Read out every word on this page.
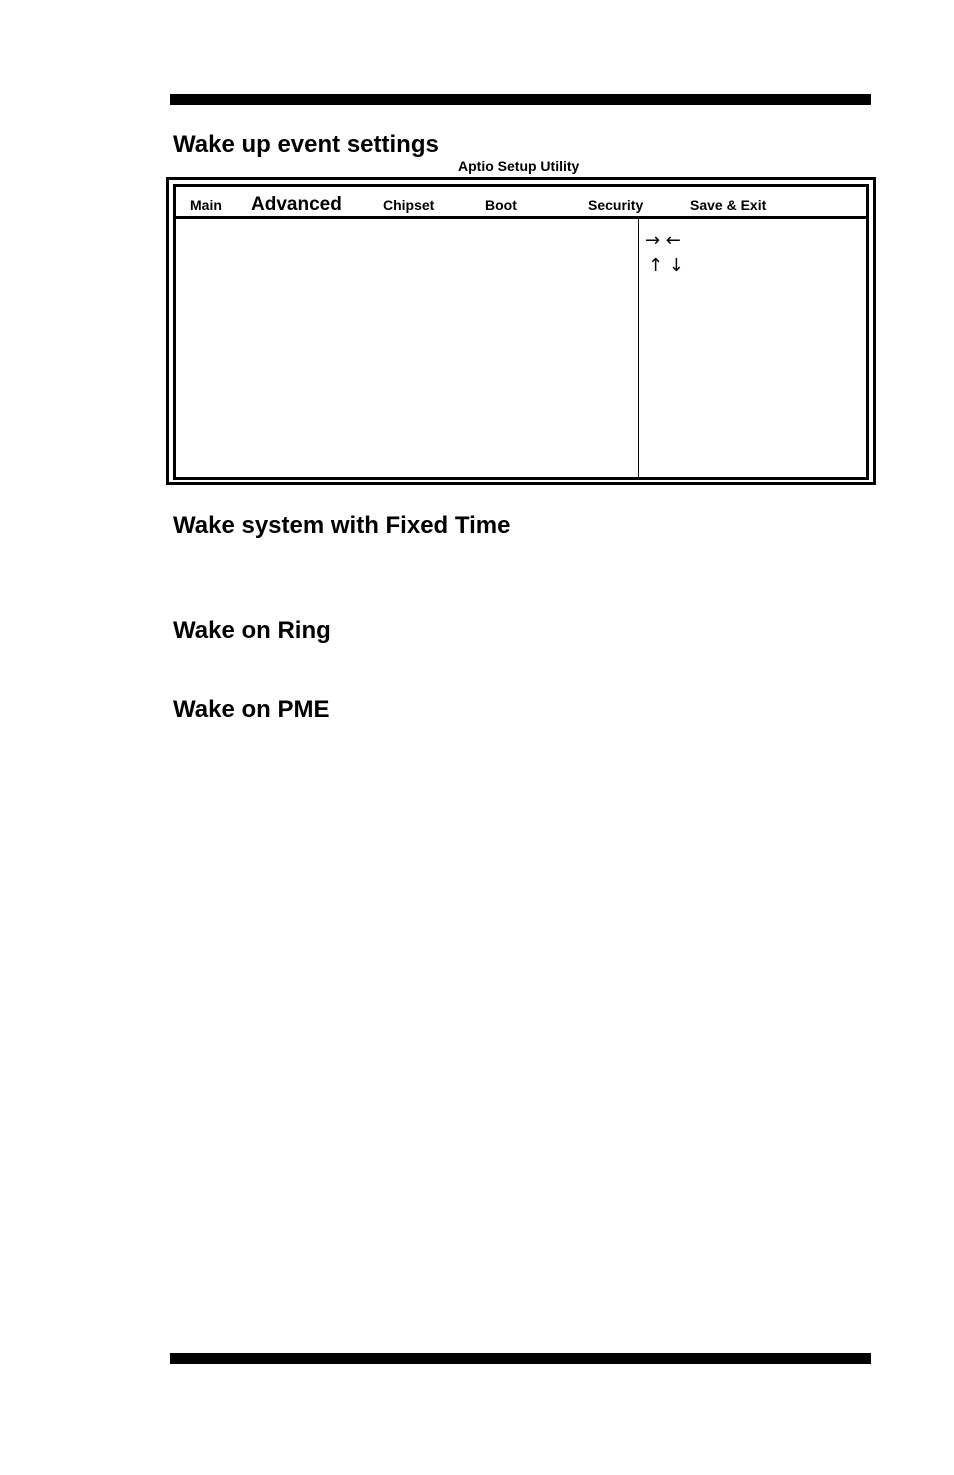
Wake up event settings
Aptio Setup Utility
Main Advanced	Chipset	Boot	Security	Save & Exit
→ ←
↑ ↓
Wake system with Fixed Time
Wake on Ring
Wake on PME
